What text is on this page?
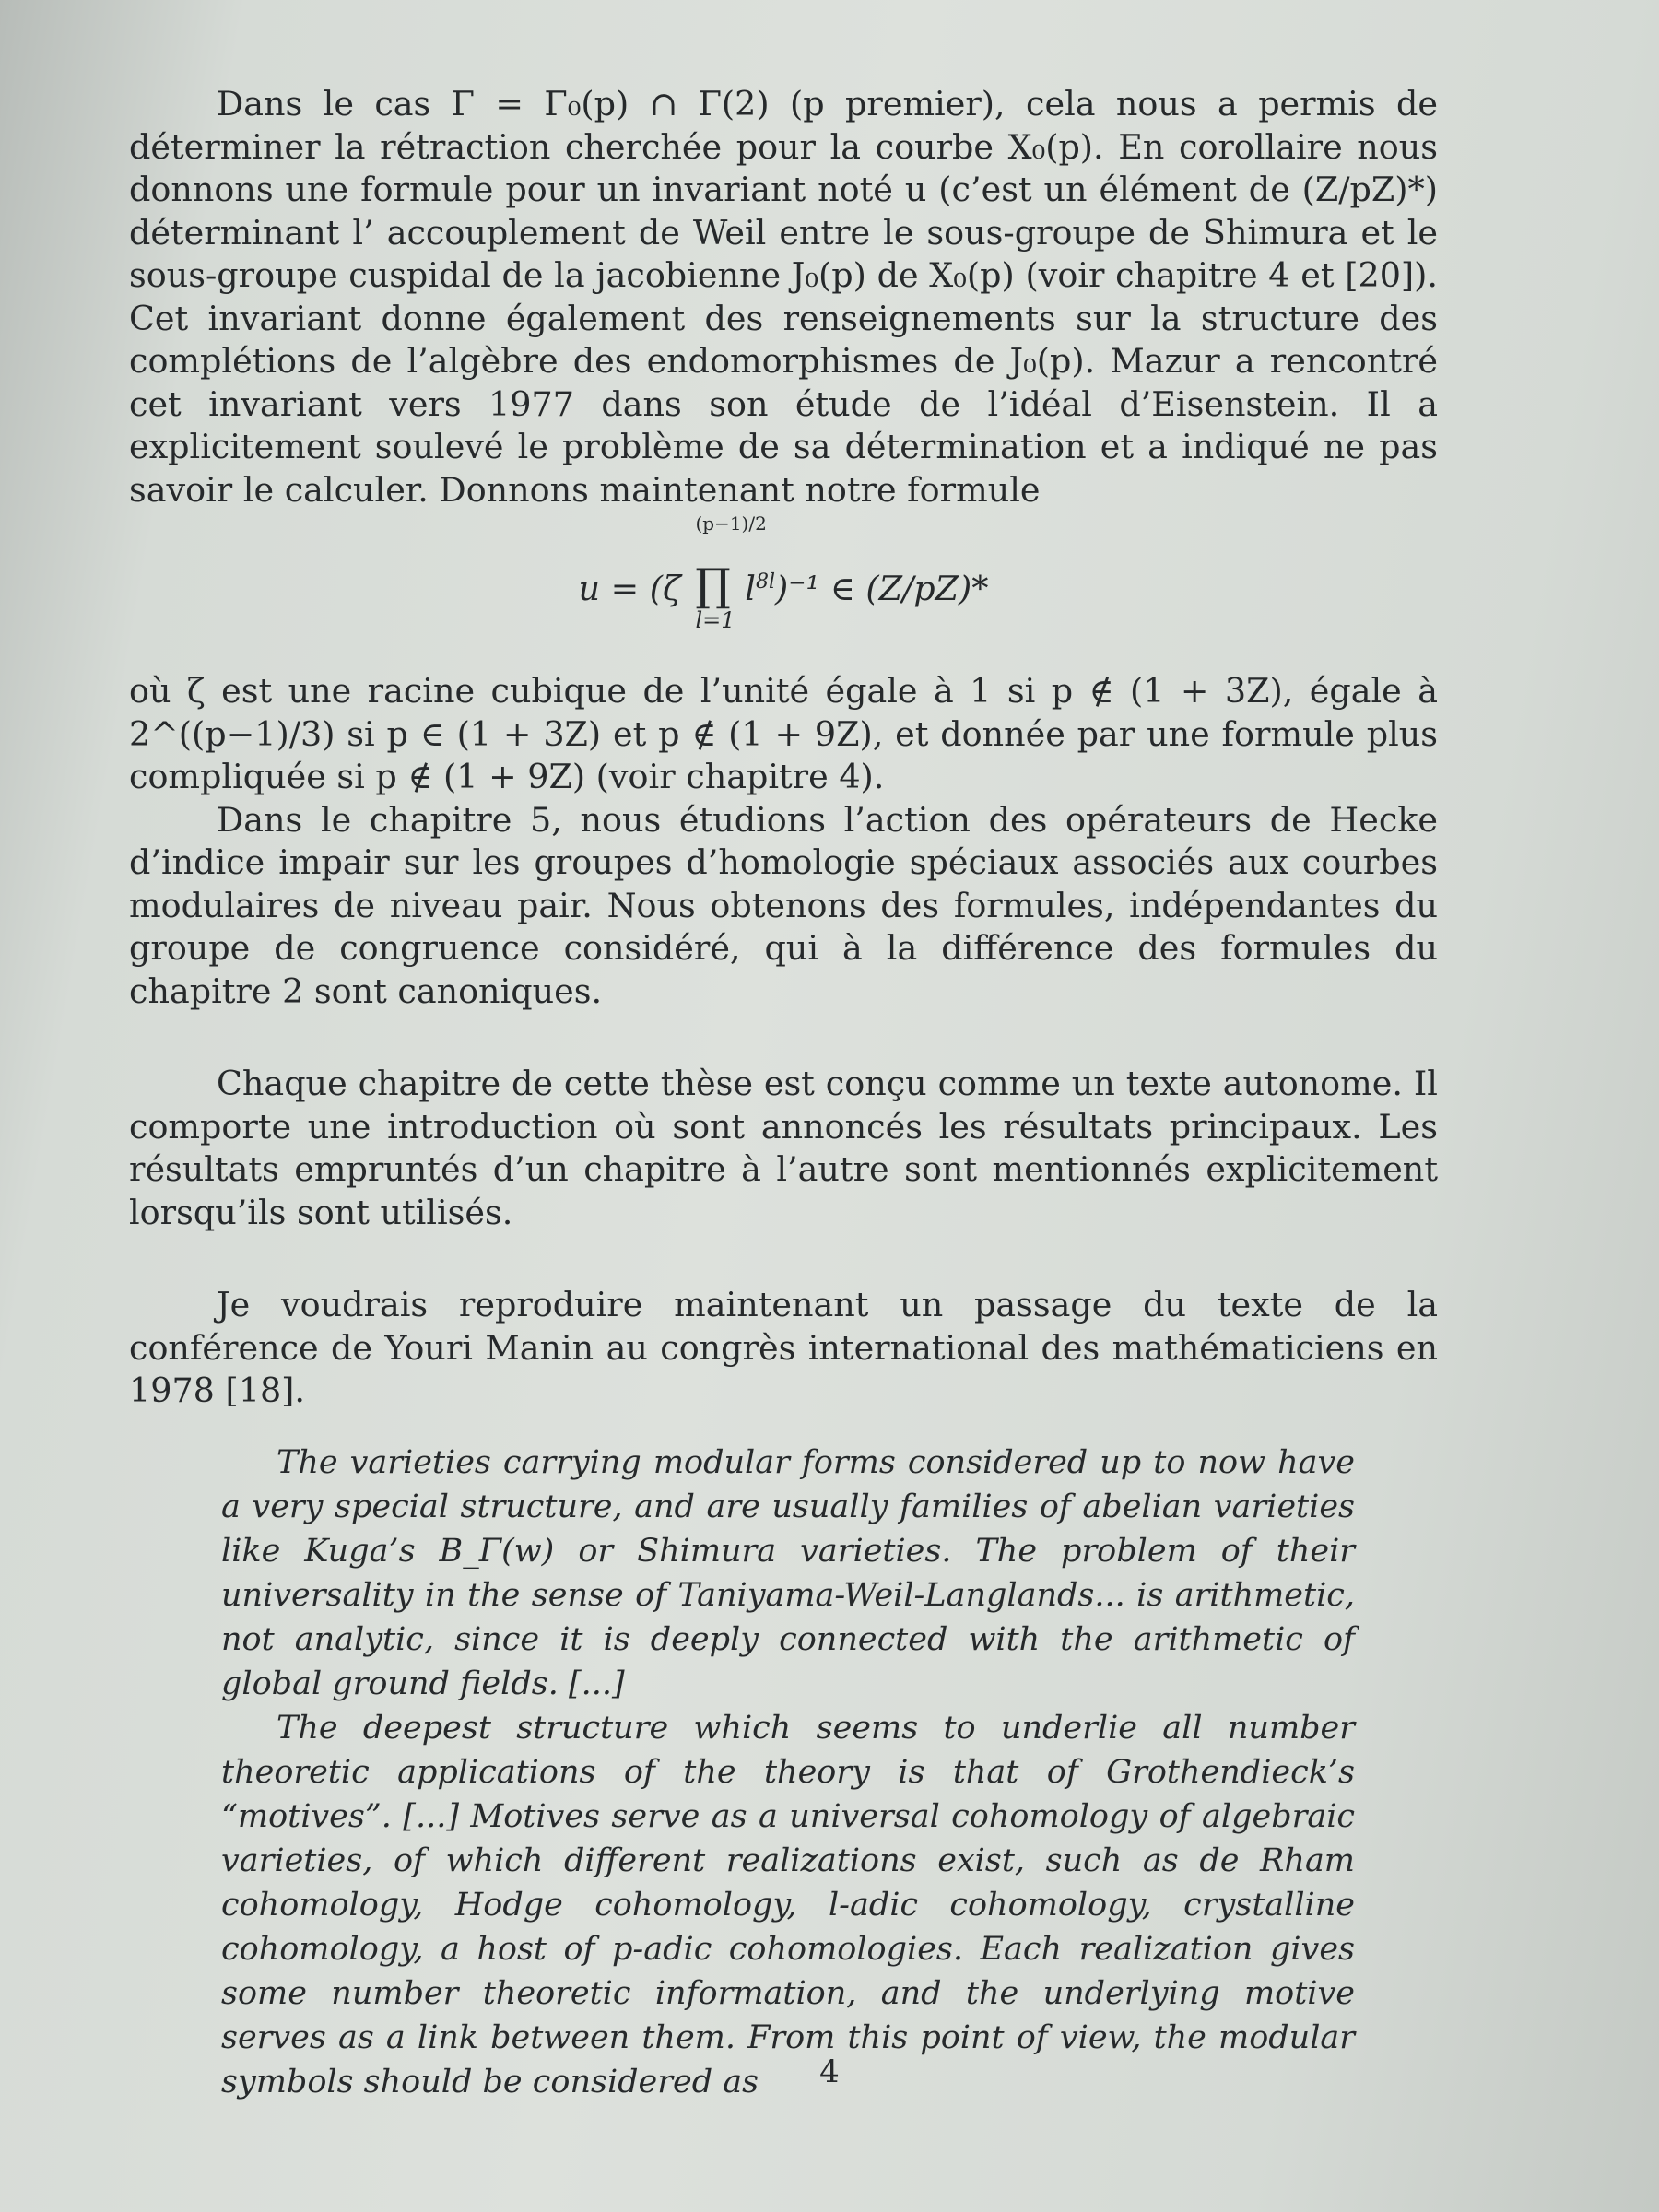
Dans le cas Γ = Γ₀(p) ∩ Γ(2) (p premier), cela nous a permis de déterminer la rétraction cherchée pour la courbe X₀(p). En corollaire nous donnons une formule pour un invariant noté u (c’est un élément de (Z/pZ)*) déterminant l’ accouplement de Weil entre le sous-groupe de Shimura et le sous-groupe cuspidal de la jacobienne J₀(p) de X₀(p) (voir chapitre 4 et [20]). Cet invariant donne également des renseignements sur la structure des complétions de l’algèbre des endomorphismes de J₀(p). Mazur a rencontré cet invariant vers 1977 dans son étude de l’idéal d’Eisenstein. Il a explicitement soulevé le problème de sa détermination et a indiqué ne pas savoir le calculer. Donnons maintenant notre formule

u = (ζ
(p−1)/2
∏
l=1
$l^{8l})^{-1}$ ∈ (Z/pZ)*

où ζ est une racine cubique de l’unité égale à 1 si p ∉ (1 + 3Z), égale à 2^((p−1)/3) si p ∈ (1 + 3Z) et p ∉ (1 + 9Z), et donnée par une formule plus compliquée si p ∉ (1 + 9Z) (voir chapitre 4).

Dans le chapitre 5, nous étudions l’action des opérateurs de Hecke d’indice impair sur les groupes d’homologie spéciaux associés aux courbes modulaires de niveau pair. Nous obtenons des formules, indépendantes du groupe de congruence considéré, qui à la différence des formules du chapitre 2 sont canoniques.

Chaque chapitre de cette thèse est conçu comme un texte autonome. Il comporte une introduction où sont annoncés les résultats principaux. Les résultats empruntés d’un chapitre à l’autre sont mentionnés explicitement lorsqu’ils sont utilisés.

Je voudrais reproduire maintenant un passage du texte de la conférence de Youri Manin au congrès international des mathématiciens en 1978 [18].

The varieties carrying modular forms considered up to now have a very special structure, and are usually families of abelian varieties like Kuga’s B_Γ(w) or Shimura varieties. The problem of their universality in the sense of Taniyama-Weil-Langlands... is arithmetic, not analytic, since it is deeply connected with the arithmetic of global ground fields. [...]

The deepest structure which seems to underlie all number theoretic applications of the theory is that of Grothendieck’s “motives”. [...] Motives serve as a universal cohomology of algebraic varieties, of which different realizations exist, such as de Rham cohomology, Hodge cohomology, l-adic cohomology, crystalline cohomology, a host of p-adic cohomologies. Each realization gives some number theoretic information, and the underlying motive serves as a link between them. From this point of view, the modular symbols should be considered as	4
